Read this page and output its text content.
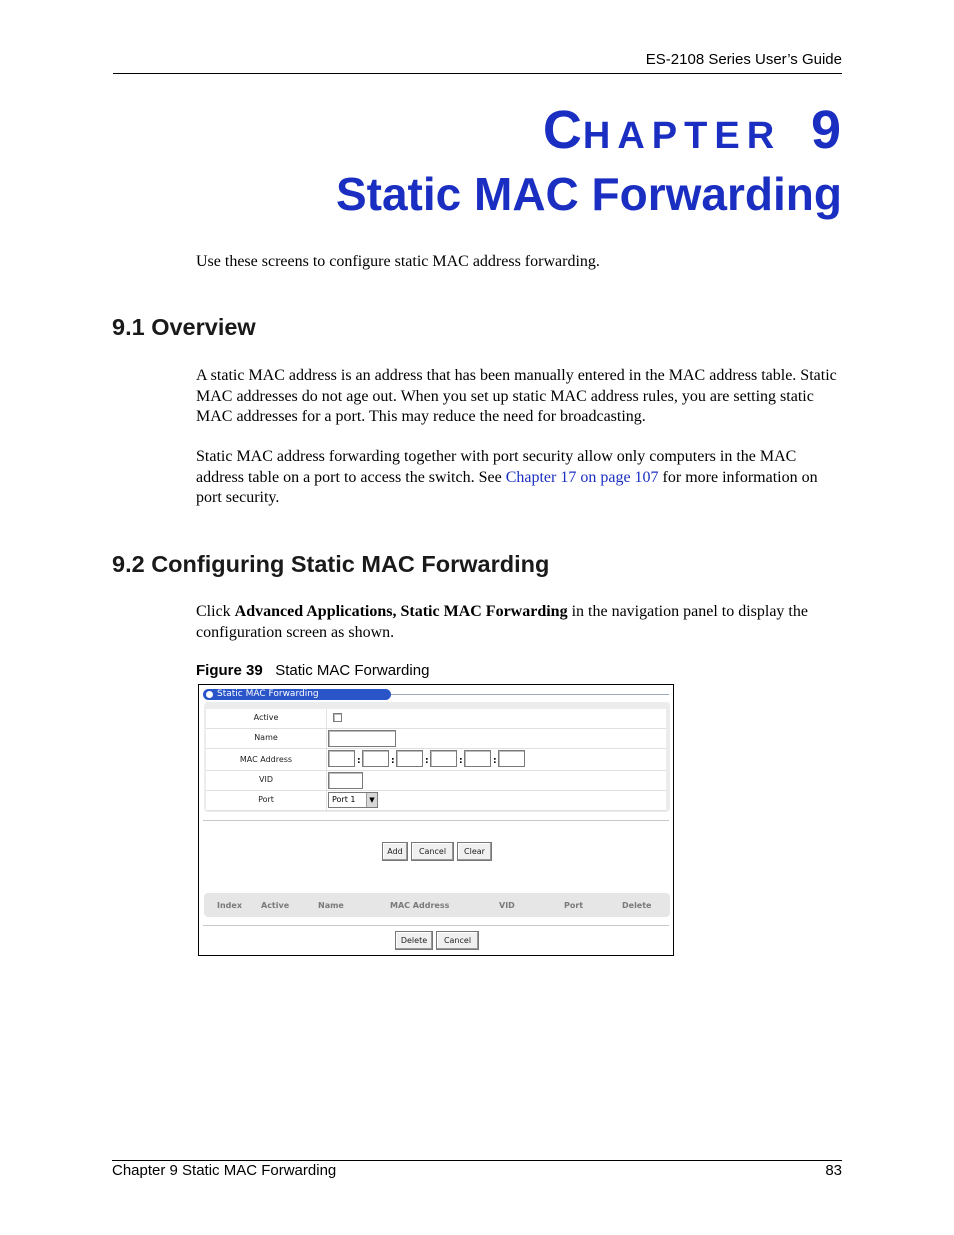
ES-2108 Series User’s Guide
CHAPTER 9
Static MAC Forwarding
Use these screens to configure static MAC address forwarding.
9.1 Overview
A static MAC address is an address that has been manually entered in the MAC address table. Static MAC addresses do not age out. When you set up static MAC address rules, you are setting static MAC addresses for a port. This may reduce the need for broadcasting.
Static MAC address forwarding together with port security allow only computers in the MAC address table on a port to access the switch. See Chapter 17 on page 107 for more information on port security.
9.2 Configuring Static MAC Forwarding
Click Advanced Applications, Static MAC Forwarding in the navigation panel to display the configuration screen as shown.
Figure 39 Static MAC Forwarding
Static MAC Forwarding
Active
Name
MAC Address	:	:	:	:	:
VID
Port	Port 1	▼
Add	Cancel	Clear
Index Active	Name	MAC Address	VID	Port	Delete
Delete	Cancel
Chapter 9 Static MAC Forwarding	83
